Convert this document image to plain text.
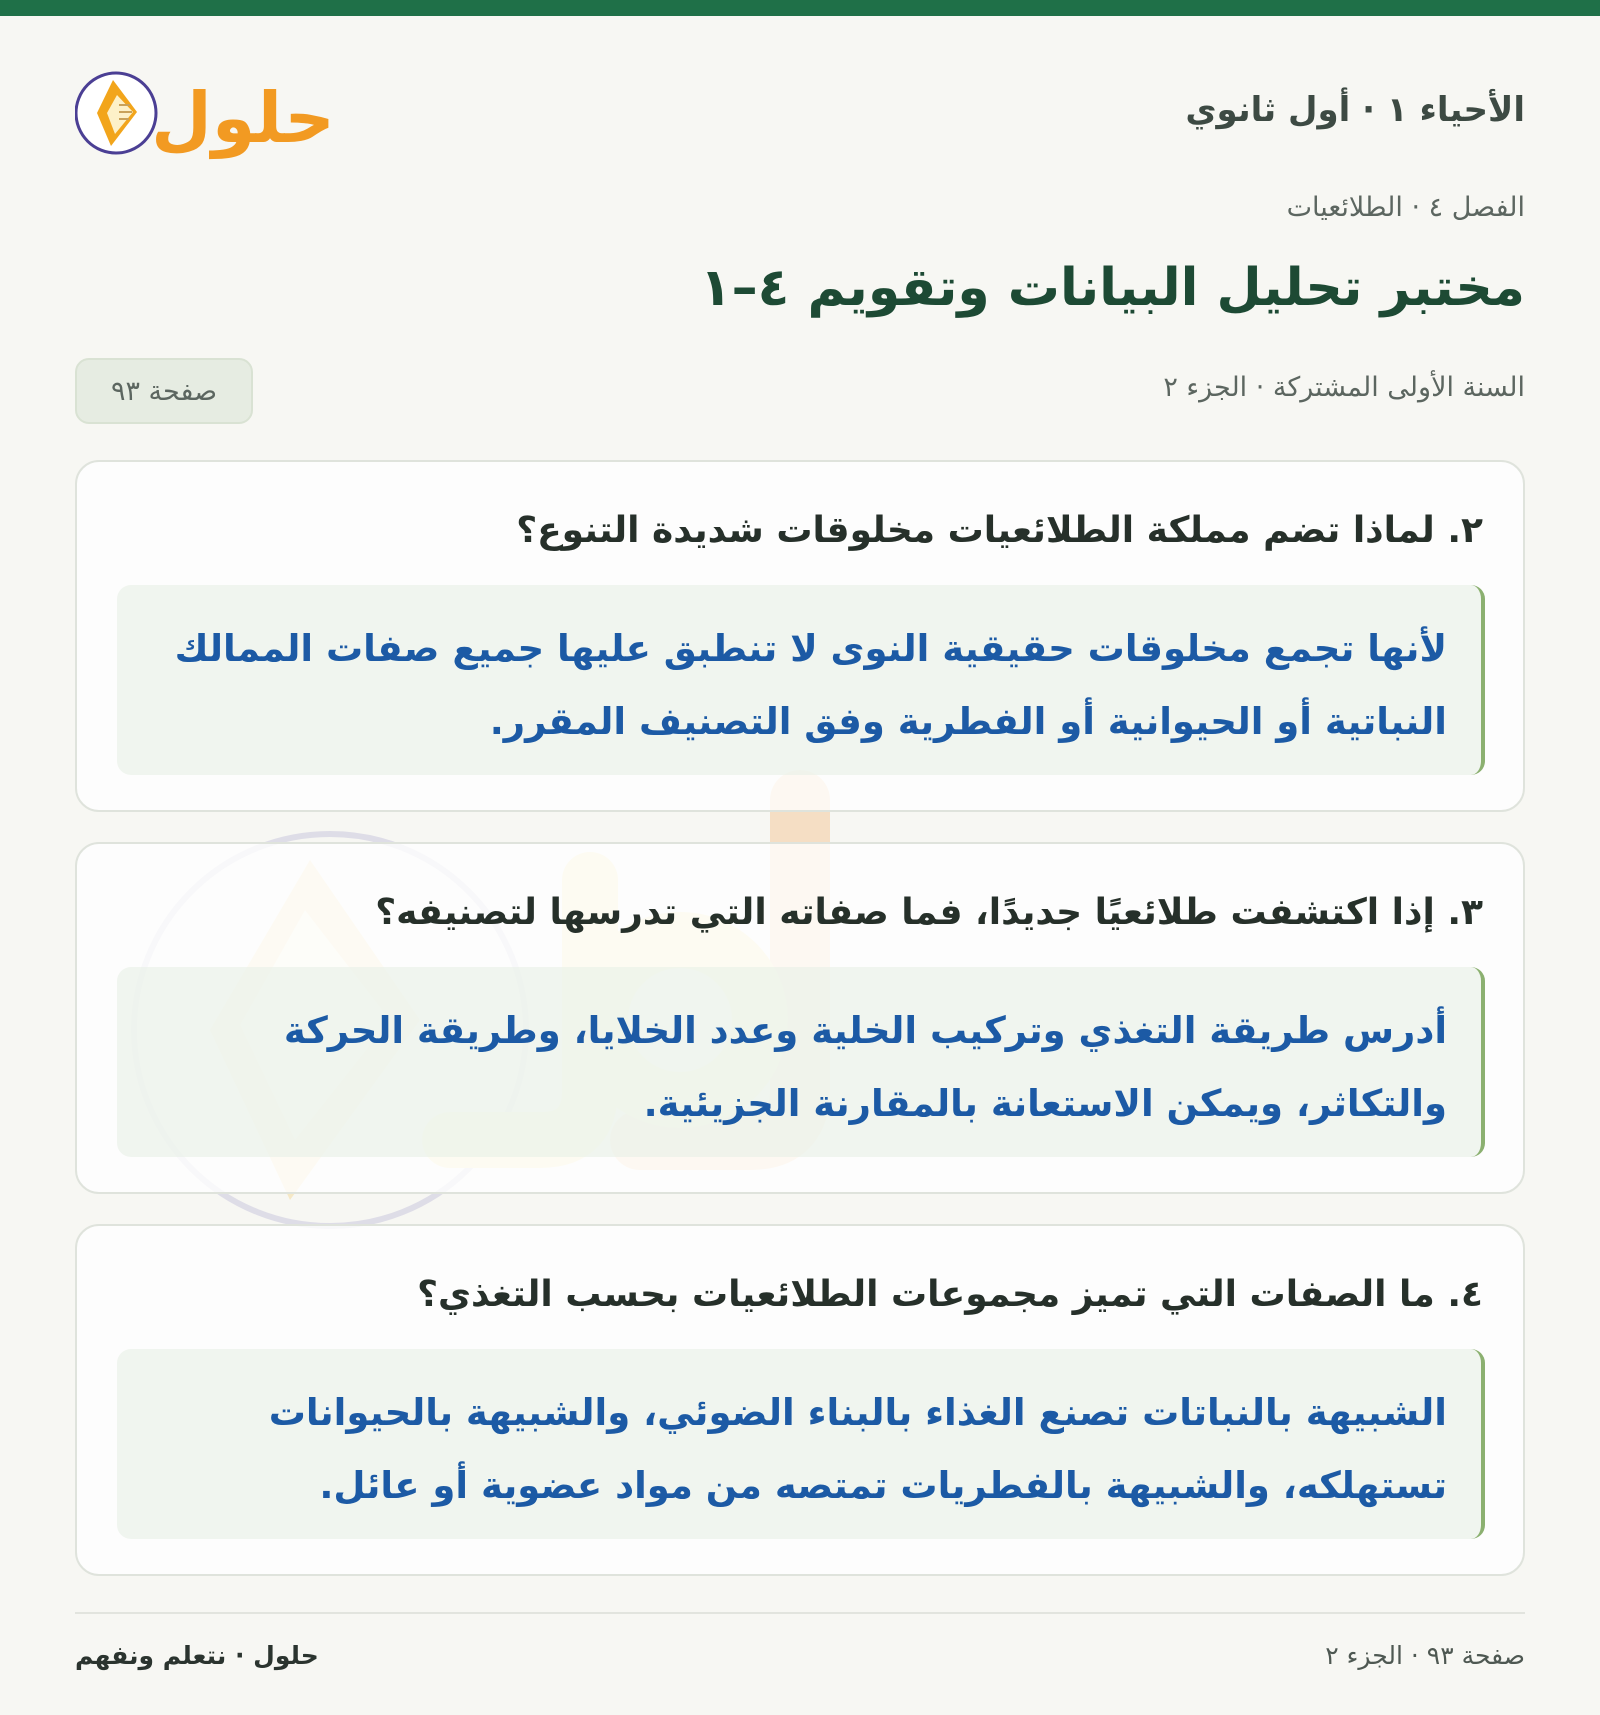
الأحياء ١ · أول ثانوي
حلول
الفصل ٤ · الطلائعيات
مختبر تحليل البيانات وتقويم ٤–١
السنة الأولى المشتركة · الجزء ٢
صفحة ٩٣
٢. لماذا تضم مملكة الطلائعيات مخلوقات شديدة التنوع؟
لأنها تجمع مخلوقات حقيقية النوى لا تنطبق عليها جميع صفات الممالك النباتية أو الحيوانية أو الفطرية وفق التصنيف المقرر.
٣. إذا اكتشفت طلائعيًا جديدًا، فما صفاته التي تدرسها لتصنيفه؟
أدرس طريقة التغذي وتركيب الخلية وعدد الخلايا، وطريقة الحركة والتكاثر، ويمكن الاستعانة بالمقارنة الجزيئية.
٤. ما الصفات التي تميز مجموعات الطلائعيات بحسب التغذي؟
الشبيهة بالنباتات تصنع الغذاء بالبناء الضوئي، والشبيهة بالحيوانات تستهلكه، والشبيهة بالفطريات تمتصه من مواد عضوية أو عائل.
صفحة ٩٣ · الجزء ٢
حلول · نتعلم ونفهم
